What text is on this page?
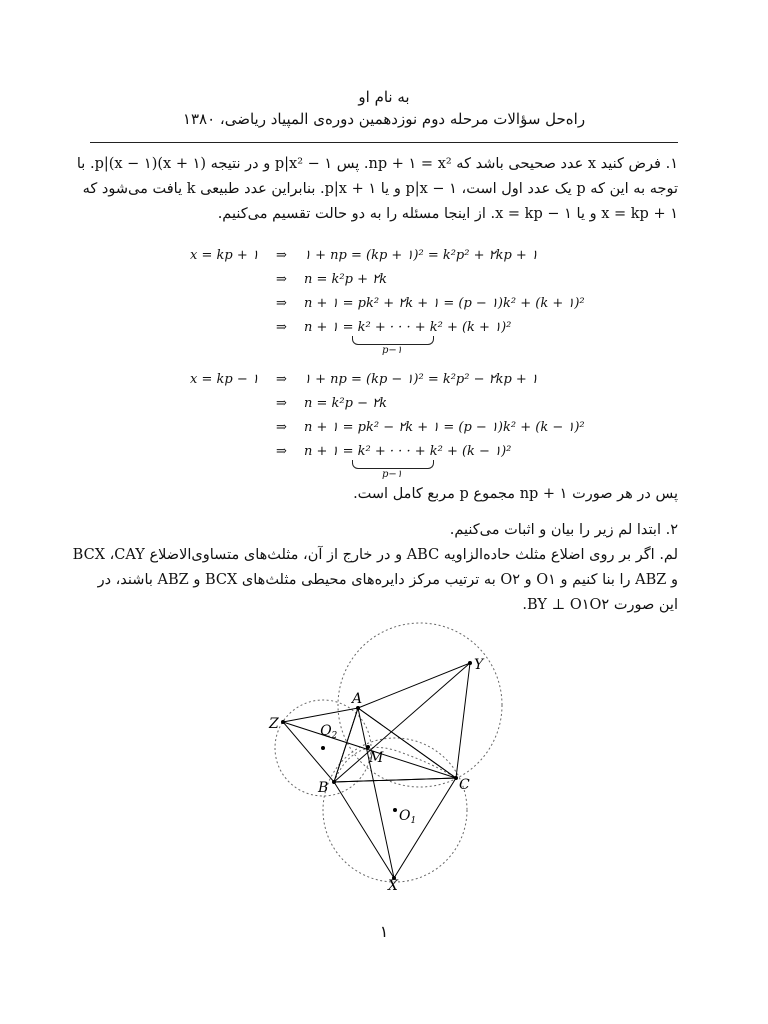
به نام او
راه‌حل سؤالات مرحله دوم نوزدهمین دوره‌ی المپیاد ریاضی، ۱۳۸۰
۱. فرض کنید x عدد صحیحی باشد که np + ۱ = x². پس p|x² − ۱ و در نتیجه p|(x − ۱)(x + ۱). با
توجه به این که p یک عدد اول است، p|x − ۱ و یا p|x + ۱. بنابراین عدد طبیعی k یافت می‌شود که
x = kp + ۱ و یا x = kp − ۱. از اینجا مسئله را به دو حالت تقسیم می‌کنیم.
x = kp + ۱	⇒ ۱ + np = (kp + ۱)² = k²p² + ۲kp + ۱
⇒ n = k²p + ۲k
⇒ n + ۱ = pk² + ۲k + ۱ = (p − ۱)k² + (k + ۱)²
⇒ n + ۱ = k² + · · · + k² + (k + ۱)²
p−۱
x = kp − ۱	⇒ ۱ + np = (kp − ۱)² = k²p² − ۲kp + ۱
⇒ n = k²p − ۲k
⇒ n + ۱ = pk² − ۲k + ۱ = (p − ۱)k² + (k − ۱)²
⇒ n + ۱ = k² + · · · + k² + (k − ۱)²
p−۱
پس در هر صورت np + ۱ مجموع p مربع کامل است.
۲. ابتدا لم زیر را بیان و اثبات می‌کنیم.
لم. اگر بر روی اضلاع مثلث حاده‌الزاویه ABC و در خارج از آن، مثلث‌های متساوی‌الاضلاع BCX ،CAY
و ABZ را بنا کنیم و O۱ و O۲ به ترتیب مرکز دایره‌های محیطی مثلث‌های BCX و ABZ باشند، در
این صورت BY ⊥ O۱O۲.
Y
A
Z	$Q_2$
M
B	C
$O_1$
X
۱
